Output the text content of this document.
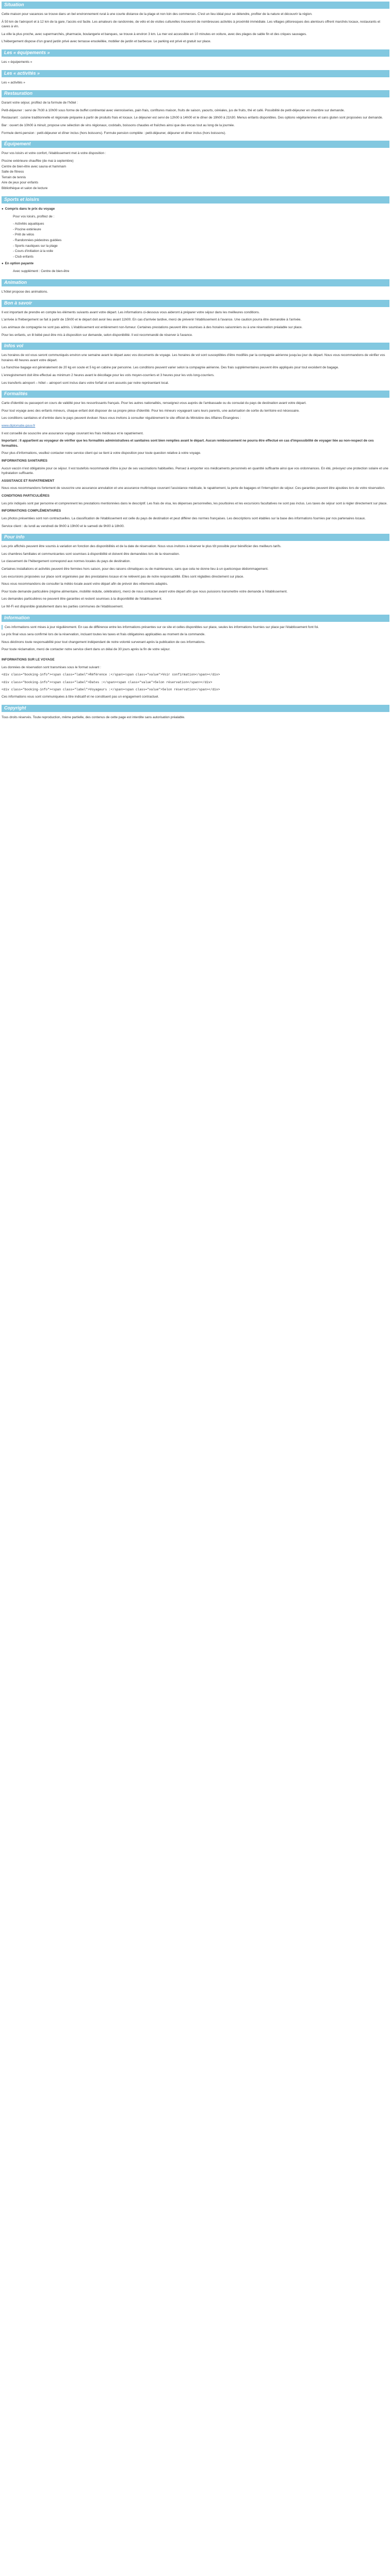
Situation

Cette maison pour vacances se trouve dans un bel environnement rural à une courte distance de la plage et non loin des commerces. C'est un lieu idéal pour se détendre, profiter de la nature et découvrir la région.

À 50 km de l'aéroport et à 12 km de la gare, l'accès est facile. Les amateurs de randonnée, de vélo et de visites culturelles trouveront de nombreuses activités à proximité immédiate. Les villages pittoresques des alentours offrent marchés locaux, restaurants et caves à vin.

La ville la plus proche, avec supermarchés, pharmacie, boulangerie et banques, se trouve à environ 3 km. La mer est accessible en 10 minutes en voiture, avec des plages de sable fin et des criques sauvages.

L'hébergement dispose d'un grand jardin privé avec terrasse ensoleillée, mobilier de jardin et barbecue. Le parking est privé et gratuit sur place.

Les « équipements »

Les « équipements »

Les « activités »

Les « activités »

Restauration

Durant votre séjour, profitez de la formule de l'hôtel :

Petit-déjeuner : servi de 7h30 à 10h00 sous forme de buffet continental avec viennoiseries, pain frais, confitures maison, fruits de saison, yaourts, céréales, jus de fruits, thé et café. Possibilité de petit-déjeuner en chambre sur demande.

Restaurant : cuisine traditionnelle et régionale préparée à partir de produits frais et locaux. Le déjeuner est servi de 12h00 à 14h00 et le dîner de 19h00 à 21h30. Menus enfants disponibles. Des options végétariennes et sans gluten sont proposées sur demande.

Bar : ouvert de 10h00 à minuit, propose une sélection de vins régionaux, cocktails, boissons chaudes et fraîches ainsi que des encas tout au long de la journée.

Formule demi-pension : petit-déjeuner et dîner inclus (hors boissons). Formule pension complète : petit-déjeuner, déjeuner et dîner inclus (hors boissons).

Équipement

Pour vos loisirs et votre confort, l'établissement met à votre disposition :

Piscine extérieure chauffée (de mai à septembre)
Centre de bien-être avec sauna et hammam
Salle de fitness
Terrain de tennis
Aire de jeux pour enfants
Bibliothèque et salon de lecture
Sports et loisirs

● Compris dans le prix du voyage

Pour vos loisirs, profitez de :

- Activités aquatiques
- Piscine extérieure
- Prêt de vélos
- Randonnées pédestres guidées
- Sports nautiques sur la plage
- Cours d'initiation à la voile
- Club enfants

● En option payante

Avec supplément : Centre de bien-être

Animation

L'hôtel propose des animations.

Bon à savoir

Il est important de prendre en compte les éléments suivants avant votre départ. Les informations ci-dessous vous aideront à préparer votre séjour dans les meilleures conditions.

L'arrivée à l'hébergement se fait à partir de 15h00 et le départ doit avoir lieu avant 11h00. En cas d'arrivée tardive, merci de prévenir l'établissement à l'avance. Une caution pourra être demandée à l'arrivée.

Les animaux de compagnie ne sont pas admis. L'établissement est entièrement non-fumeur. Certaines prestations peuvent être soumises à des horaires saisonniers ou à une réservation préalable sur place.

Pour les enfants, un lit bébé peut être mis à disposition sur demande, selon disponibilité. Il est recommandé de réserver à l'avance.

Infos vol

Les horaires de vol vous seront communiqués environ une semaine avant le départ avec vos documents de voyage. Les horaires de vol sont susceptibles d'être modifiés par la compagnie aérienne jusqu'au jour du départ. Nous vous recommandons de vérifier vos horaires 48 heures avant votre départ.

La franchise bagage est généralement de 20 kg en soute et 5 kg en cabine par personne. Les conditions peuvent varier selon la compagnie aérienne. Des frais supplémentaires peuvent être appliqués pour tout excédent de bagage.

L'enregistrement doit être effectué au minimum 2 heures avant le décollage pour les vols moyen-courriers et 3 heures pour les vols long-courriers.

Les transferts aéroport – hôtel – aéroport sont inclus dans votre forfait et sont assurés par notre représentant local.

Formalités

Carte d'identité ou passeport en cours de validité pour les ressortissants français. Pour les autres nationalités, renseignez-vous auprès de l'ambassade ou du consulat du pays de destination avant votre départ.

Pour tout voyage avec des enfants mineurs, chaque enfant doit disposer de sa propre pièce d'identité. Pour les mineurs voyageant sans leurs parents, une autorisation de sortie du territoire est nécessaire.

Les conditions sanitaires et d'entrée dans le pays peuvent évoluer. Nous vous invitons à consulter régulièrement le site officiel du Ministère des Affaires Étrangères :

www.diplomatie.gouv.fr

Il est conseillé de souscrire une assurance voyage couvrant les frais médicaux et le rapatriement.

Important : Il appartient au voyageur de vérifier que les formalités administratives et sanitaires sont bien remplies avant le départ. Aucun remboursement ne pourra être effectué en cas d'impossibilité de voyager liée au non-respect de ces formalités.

Pour plus d'informations, veuillez contacter notre service client qui se tient à votre disposition pour toute question relative à votre voyage.

INFORMATIONS SANITAIRES

Aucun vaccin n'est obligatoire pour ce séjour. Il est toutefois recommandé d'être à jour de ses vaccinations habituelles. Pensez à emporter vos médicaments personnels en quantité suffisante ainsi que vos ordonnances. En été, prévoyez une protection solaire et une hydratation suffisante.

ASSISTANCE ET RAPATRIEMENT

Nous vous recommandons fortement de souscrire une assurance annulation et une assurance multirisque couvrant l'assistance médicale, le rapatriement, la perte de bagages et l'interruption de séjour. Ces garanties peuvent être ajoutées lors de votre réservation.

CONDITIONS PARTICULIÈRES

Les prix indiqués sont par personne et comprennent les prestations mentionnées dans le descriptif. Les frais de visa, les dépenses personnelles, les pourboires et les excursions facultatives ne sont pas inclus. Les taxes de séjour sont à régler directement sur place.

INFORMATIONS COMPLÉMENTAIRES

Les photos présentées sont non contractuelles. La classification de l'établissement est celle du pays de destination et peut différer des normes françaises. Les descriptions sont établies sur la base des informations fournies par nos partenaires locaux.

Service client : du lundi au vendredi de 9h00 à 19h00 et le samedi de 9h00 à 18h00.

Pour info

Les prix affichés peuvent être soumis à variation en fonction des disponibilités et de la date de réservation. Nous vous invitons à réserver le plus tôt possible pour bénéficier des meilleurs tarifs.

Les chambres familiales et communicantes sont soumises à disponibilité et doivent être demandées lors de la réservation.

Le classement de l'hébergement correspond aux normes locales du pays de destination.

Certaines installations et activités peuvent être fermées hors saison, pour des raisons climatiques ou de maintenance, sans que cela ne donne lieu à un quelconque dédommagement.

Les excursions proposées sur place sont organisées par des prestataires locaux et ne relèvent pas de notre responsabilité. Elles sont réglables directement sur place.

Nous vous recommandons de consulter la météo locale avant votre départ afin de prévoir des vêtements adaptés.

Pour toute demande particulière (régime alimentaire, mobilité réduite, célébration), merci de nous contacter avant votre départ afin que nous puissions transmettre votre demande à l'établissement.

Les demandes particulières ne peuvent être garanties et restent soumises à la disponibilité de l'établissement.

Le Wi-Fi est disponible gratuitement dans les parties communes de l'établissement.

Information

Ces informations sont mises à jour régulièrement. En cas de différence entre les informations présentes sur ce site et celles disponibles sur place, seules les informations fournies sur place par l'établissement font foi.

Le prix final vous sera confirmé lors de la réservation, incluant toutes les taxes et frais obligatoires applicables au moment de la commande.

Nous déclinons toute responsabilité pour tout changement indépendant de notre volonté survenant après la publication de ces informations.

Pour toute réclamation, merci de contacter notre service client dans un délai de 30 jours après la fin de votre séjour.

INFORMATIONS SUR LE VOYAGE

Les données de réservation sont transmises sous le format suivant :

<div class="booking-info"><span class="label">Référence :</span><span class="value">Voir confirmation</span></div>

<div class="booking-info"><span class="label">Dates :</span><span class="value">Selon réservation</span></div>

<div class="booking-info"><span class="label">Voyageurs :</span><span class="value">Selon réservation</span></div>

Ces informations vous sont communiquées à titre indicatif et ne constituent pas un engagement contractuel.

Copyright

Tous droits réservés. Toute reproduction, même partielle, des contenus de cette page est interdite sans autorisation préalable.
